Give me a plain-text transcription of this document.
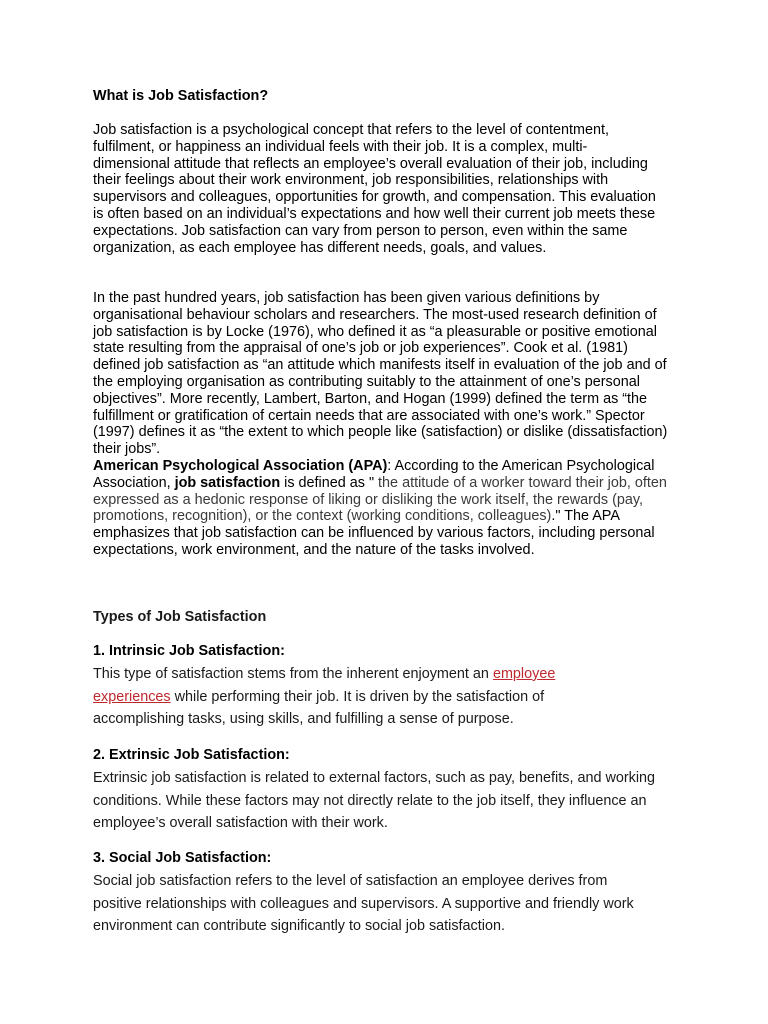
What is Job Satisfaction?

Job satisfaction is a psychological concept that refers to the level of contentment, fulfilment, or happiness an individual feels with their job. It is a complex, multi-dimensional attitude that reflects an employee’s overall evaluation of their job, including their feelings about their work environment, job responsibilities, relationships with supervisors and colleagues, opportunities for growth, and compensation. This evaluation is often based on an individual’s expectations and how well their current job meets these expectations. Job satisfaction can vary from person to person, even within the same organization, as each employee has different needs, goals, and values.

In the past hundred years, job satisfaction has been given various definitions by organisational behaviour scholars and researchers. The most-used research definition of job satisfaction is by Locke (1976), who defined it as “a pleasurable or positive emotional state resulting from the appraisal of one’s job or job experiences”. Cook et al. (1981) defined job satisfaction as “an attitude which manifests itself in evaluation of the job and of the employing organisation as contributing suitably to the attainment of one’s personal objectives”. More recently, Lambert, Barton, and Hogan (1999) defined the term as “the fulfillment or gratification of certain needs that are associated with one’s work.” Spector (1997) defines it as “the extent to which people like (satisfaction) or dislike (dissatisfaction) their jobs”.

American Psychological Association (APA): According to the American Psychological Association, job satisfaction is defined as " the attitude of a worker toward their job, often expressed as a hedonic response of liking or disliking the work itself, the rewards (pay, promotions, recognition), or the context (working conditions, colleagues)." The APA emphasizes that job satisfaction can be influenced by various factors, including personal expectations, work environment, and the nature of the tasks involved.

Types of Job Satisfaction
1. Intrinsic Job Satisfaction:

This type of satisfaction stems from the inherent enjoyment an employee experiences while performing their job. It is driven by the satisfaction of accomplishing tasks, using skills, and fulfilling a sense of purpose.

2. Extrinsic Job Satisfaction:

Extrinsic job satisfaction is related to external factors, such as pay, benefits, and working conditions. While these factors may not directly relate to the job itself, they influence an employee’s overall satisfaction with their work.

3. Social Job Satisfaction:

Social job satisfaction refers to the level of satisfaction an employee derives from positive relationships with colleagues and supervisors. A supportive and friendly work environment can contribute significantly to social job satisfaction.
